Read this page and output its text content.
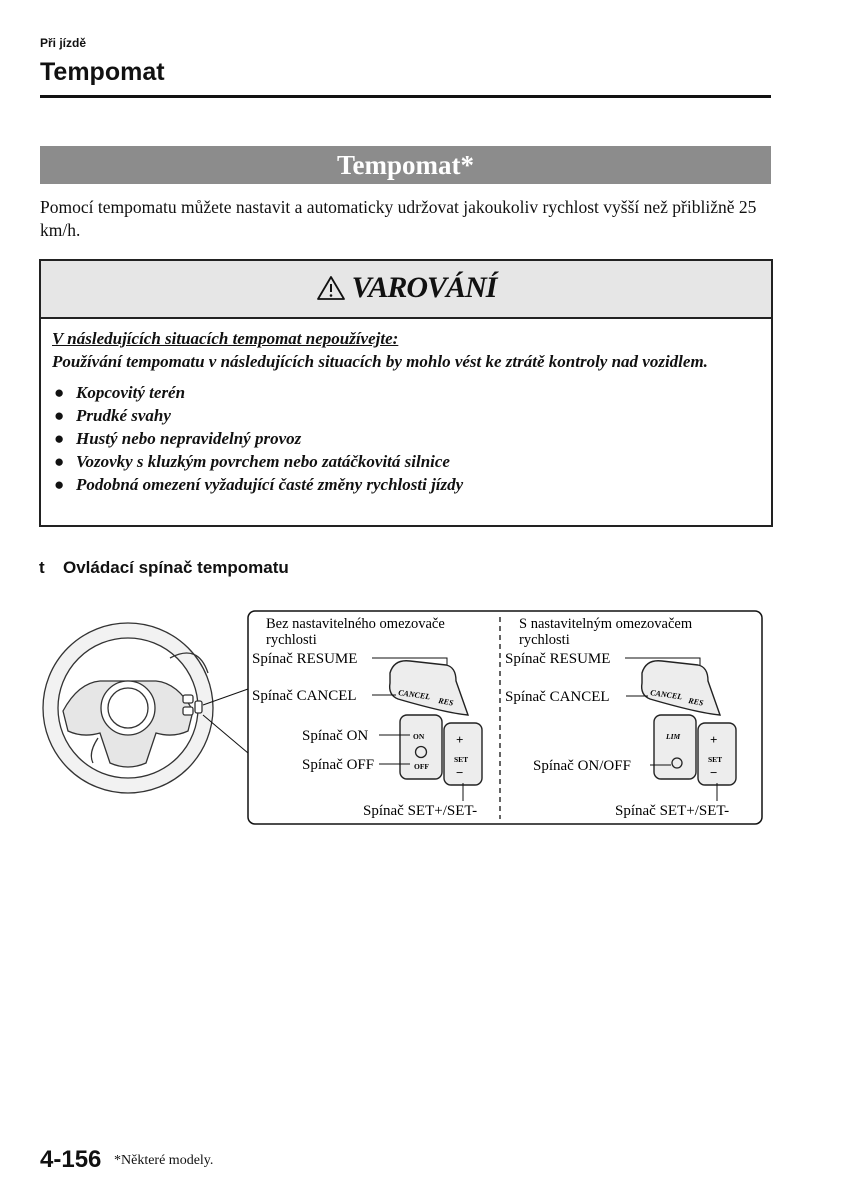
Při jízdě
Tempomat
Tempomat*
Pomocí tempomatu můžete nastavit a automaticky udržovat jakoukoliv rychlost vyšší než přibližně 25 km/h.
VAROVÁNÍ
V následujících situacích tempomat nepoužívejte:
Používání tempomatu v následujících situacích by mohlo vést ke ztrátě kontroly nad vozidlem.
● Kopcovitý terén
● Prudké svahy
● Hustý nebo nepravidelný provoz
● Vozovky s kluzkým povrchem nebo zatáčkovitá silnice
● Podobná omezení vyžadující časté změny rychlosti jízdy
t Ovládací spínač tempomatu
Bez nastavitelného omezovače
rychlosti
Spínač RESUME
Spínač CANCEL
Spínač ON
Spínač OFF
Spínač SET+/SET-
CANCEL
RES
ON
OFF
+
SET
−
S nastavitelným omezovačem
rychlosti
Spínač RESUME
Spínač CANCEL
Spínač ON/OFF
Spínač SET+/SET-
CANCEL
RES
LIM +
SET
−
4-156 *Některé modely.
